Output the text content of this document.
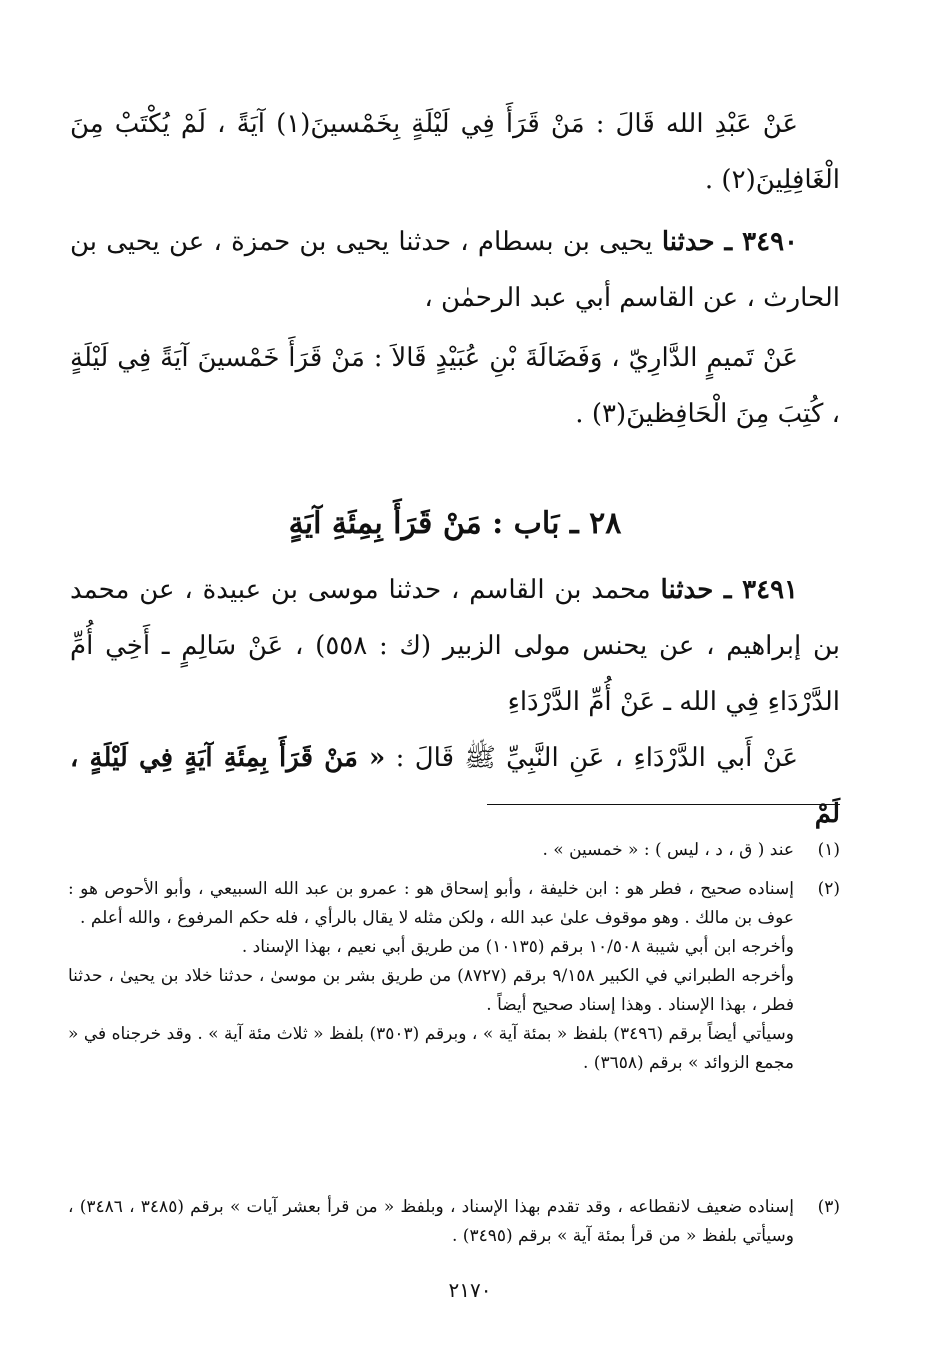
عَنْ عَبْدِ الله قَالَ : مَنْ قَرَأَ فِي لَيْلَةٍ بِخَمْسينَ(١) آيَةً ، لَمْ يُكْتَبْ مِنَ الْغَافِلِينَ(٢) .

٣٤٩٠ ـ حدثنا يحيى بن بسطام ، حدثنا يحيى بن حمزة ، عن يحيى بن الحارث ، عن القاسم أبي عبد الرحمٰن ،

عَنْ تَميمٍ الدَّارِيّ ، وَفَضَالَةَ بْنِ عُبَيْدٍ قَالاَ : مَنْ قَرَأَ خَمْسينَ آيَةً فِي لَيْلَةٍ ، كُتِبَ مِنَ الْحَافِظينَ(٣) .

٢٨ ـ بَاب : مَنْ قَرَأَ بِمِئَةِ آيَةٍ

٣٤٩١ ـ حدثنا محمد بن القاسم ، حدثنا موسى بن عبيدة ، عن محمد بن إبراهيم ، عن يحنس مولى الزبير (ك : ٥٥٨) ، عَنْ سَالِمٍ ـ أَخِي أُمِّ الدَّرْدَاءِ فِي الله ـ عَنْ أُمِّ الدَّرْدَاءِ

عَنْ أَبي الدَّرْدَاءِ ، عَنِ النَّبِيِّ ﷺ قَالَ : « مَنْ قَرَأَ بِمِئَةِ آيَةٍ فِي لَيْلَةٍ ، لَمْ

(١)
عند ( ق ، د ، ليس ) : « خمسين » .
(٢)
إسناده صحيح ، فطر هو : ابن خليفة ، وأبو إسحاق هو : عمرو بن عبد الله السبيعي ، وأبو الأحوص هو : عوف بن مالك . وهو موقوف علىٰ عبد الله ، ولكن مثله لا يقال بالرأي ، فله حكم المرفوع ، والله أعلم .
وأخرجه ابن أبي شيبة ١٠/٥٠٨ برقم (١٠١٣٥) من طريق أبي نعيم ، بهذا الإسناد .
وأخرجه الطبراني في الكبير ٩/١٥٨ برقم (٨٧٢٧) من طريق بشر بن موسىٰ ، حدثنا خلاد بن يحيىٰ ، حدثنا فطر ، بهذا الإسناد . وهذا إسناد صحيح أيضاً .
وسيأتي أيضاً برقم (٣٤٩٦) بلفظ « بمئة آية » ، وبرقم (٣٥٠٣) بلفظ « ثلاث مئة آية » . وقد خرجناه في « مجمع الزوائد » برقم (٣٦٥٨) .
(٣)
إسناده ضعيف لانقطاعه ، وقد تقدم بهذا الإسناد ، وبلفظ « من قرأ بعشر آيات » برقم (٣٤٨٥ ، ٣٤٨٦) ، وسيأتي بلفظ « من قرأ بمئة آية » برقم (٣٤٩٥) .
٢١٧٠
